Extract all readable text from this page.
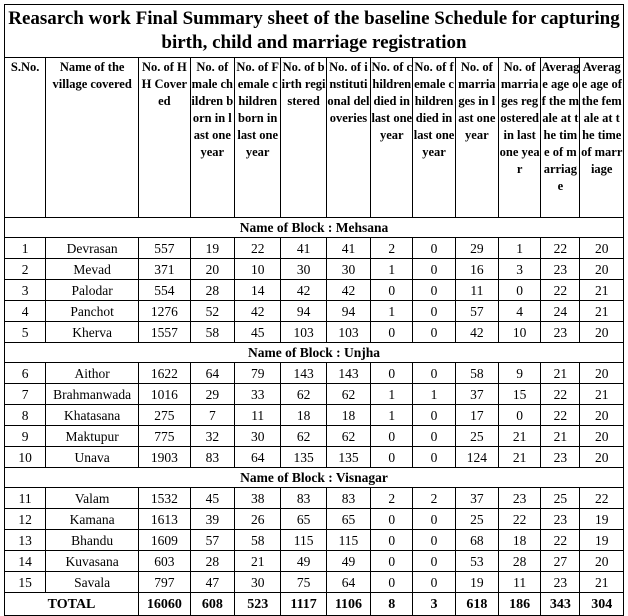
Reasarch work Final Summary sheet of the baseline Schedule for capturing birth, child and marriage registration												
S.No.	Name of the village covered	No. of HH Covered	No. of male children born in last one year	No. of Female children born in last one year	No. of birth registered	No. of institutional deloveries	No. of children died in last one year	No. of female children died in last one year	No. of marriages in last one year	No. of marriages regostered in last one year	Average age of the male at the time of marriage	Average age of the female at the time of marriage
Name of Block : Mehsana												
1	Devrasan	557	19	22	41	41	2	0	29	1	22	20
2	Mevad	371	20	10	30	30	1	0	16	3	23	20
3	Palodar	554	28	14	42	42	0	0	11	0	22	21
4	Panchot	1276	52	42	94	94	1	0	57	4	24	21
5	Kherva	1557	58	45	103	103	0	0	42	10	23	20
Name of Block : Unjha												
6	Aithor	1622	64	79	143	143	0	0	58	9	21	20
7	Brahmanwada	1016	29	33	62	62	1	1	37	15	22	21
8	Khatasana	275	7	11	18	18	1	0	17	0	22	20
9	Maktupur	775	32	30	62	62	0	0	25	21	21	20
10	Unava	1903	83	64	135	135	0	0	124	21	23	20
Name of Block : Visnagar												
11	Valam	1532	45	38	83	83	2	2	37	23	25	22
12	Kamana	1613	39	26	65	65	0	0	25	22	23	19
13	Bhandu	1609	57	58	115	115	0	0	68	18	22	19
14	Kuvasana	603	28	21	49	49	0	0	53	28	27	20
15	Savala	797	47	30	75	64	0	0	19	11	23	21
TOTAL		16060	608	523	1117	1106	8	3	618	186	343	304
